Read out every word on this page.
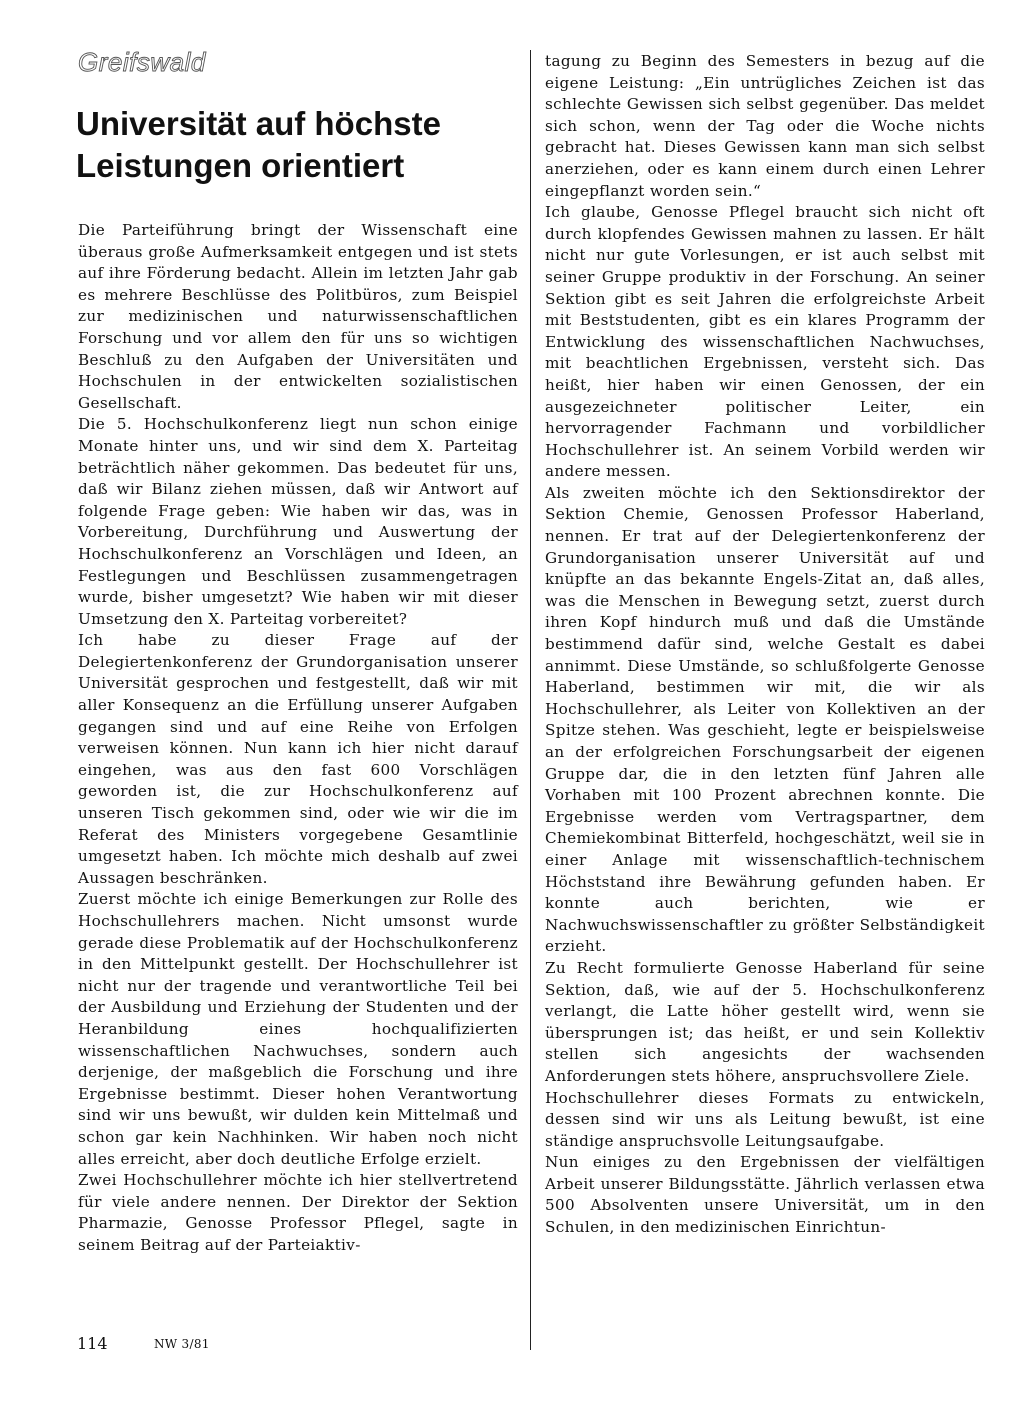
Greifswald
Universität auf höchste
Leistungen orientiert

Die Parteiführung bringt der Wissenschaft eine überaus große Aufmerksamkeit entgegen und ist stets auf ihre Förderung bedacht. Allein im letzten Jahr gab es mehrere Beschlüsse des Politbüros, zum Beispiel zur medizinischen und naturwissenschaftlichen Forschung und vor allem den für uns so wichtigen Beschluß zu den Aufgaben der Universitäten und Hochschulen in der entwickelten sozialistischen Gesellschaft.

Die 5. Hochschulkonferenz liegt nun schon einige Monate hinter uns, und wir sind dem X. Parteitag beträchtlich näher gekommen. Das bedeutet für uns, daß wir Bilanz ziehen müssen, daß wir Antwort auf folgende Frage geben: Wie haben wir das, was in Vorbereitung, Durchführung und Auswertung der Hochschulkonferenz an Vorschlägen und Ideen, an Festlegungen und Beschlüssen zusammengetragen wurde, bisher umgesetzt? Wie haben wir mit dieser Umsetzung den X. Parteitag vorbereitet?

Ich habe zu dieser Frage auf der Delegiertenkonferenz der Grundorganisation unserer Universität gesprochen und festgestellt, daß wir mit aller Konsequenz an die Erfüllung unserer Aufgaben gegangen sind und auf eine Reihe von Erfolgen verweisen können. Nun kann ich hier nicht darauf eingehen, was aus den fast 600 Vorschlägen geworden ist, die zur Hochschulkonferenz auf unseren Tisch gekommen sind, oder wie wir die im Referat des Ministers vorgegebene Gesamtlinie umgesetzt haben. Ich möchte mich deshalb auf zwei Aussagen beschränken.

Zuerst möchte ich einige Bemerkungen zur Rolle des Hochschullehrers machen. Nicht umsonst wurde gerade diese Problematik auf der Hochschulkonferenz in den Mittelpunkt gestellt. Der Hochschullehrer ist nicht nur der tragende und verantwortliche Teil bei der Ausbildung und Erziehung der Studenten und der Heranbildung eines hochqualifizierten wissenschaftlichen Nachwuchses, sondern auch derjenige, der maßgeblich die Forschung und ihre Ergebnisse bestimmt. Dieser hohen Verantwortung sind wir uns bewußt, wir dulden kein Mittelmaß und schon gar kein Nachhinken. Wir haben noch nicht alles erreicht, aber doch deutliche Erfolge erzielt.

Zwei Hochschullehrer möchte ich hier stellvertretend für viele andere nennen. Der Direktor der Sektion Pharmazie, Genosse Professor Pflegel, sagte in seinem Beitrag auf der Parteiaktiv-

tagung zu Beginn des Semesters in bezug auf die eigene Leistung: „Ein untrügliches Zeichen ist das schlechte Gewissen sich selbst gegenüber. Das meldet sich schon, wenn der Tag oder die Woche nichts gebracht hat. Dieses Gewissen kann man sich selbst anerziehen, oder es kann einem durch einen Lehrer eingepflanzt worden sein.“

Ich glaube, Genosse Pflegel braucht sich nicht oft durch klopfendes Gewissen mahnen zu lassen. Er hält nicht nur gute Vorlesungen, er ist auch selbst mit seiner Gruppe produktiv in der Forschung. An seiner Sektion gibt es seit Jahren die erfolgreichste Arbeit mit Beststudenten, gibt es ein klares Programm der Entwicklung des wissenschaftlichen Nachwuchses, mit beachtlichen Ergebnissen, versteht sich. Das heißt, hier haben wir einen Genossen, der ein ausgezeichneter politischer Leiter, ein hervorragender Fachmann und vorbildlicher Hochschullehrer ist. An seinem Vorbild werden wir andere messen.

Als zweiten möchte ich den Sektionsdirektor der Sektion Chemie, Genossen Professor Haberland, nennen. Er trat auf der Delegiertenkonferenz der Grundorganisation unserer Universität auf und knüpfte an das bekannte Engels-Zitat an, daß alles, was die Menschen in Bewegung setzt, zuerst durch ihren Kopf hindurch muß und daß die Umstände bestimmend dafür sind, welche Gestalt es dabei annimmt. Diese Umstände, so schlußfolgerte Genosse Haberland, bestimmen wir mit, die wir als Hochschullehrer, als Leiter von Kollektiven an der Spitze stehen. Was geschieht, legte er beispielsweise an der erfolgreichen Forschungsarbeit der eigenen Gruppe dar, die in den letzten fünf Jahren alle Vorhaben mit 100 Prozent abrechnen konnte. Die Ergebnisse werden vom Vertragspartner, dem Chemiekombinat Bitterfeld, hochgeschätzt, weil sie in einer Anlage mit wissenschaftlich-technischem Höchststand ihre Bewährung gefunden haben. Er konnte auch berichten, wie er Nachwuchswissenschaftler zu größter Selbständigkeit erzieht.

Zu Recht formulierte Genosse Haberland für seine Sektion, daß, wie auf der 5. Hochschulkonferenz verlangt, die Latte höher gestellt wird, wenn sie übersprungen ist; das heißt, er und sein Kollektiv stellen sich angesichts der wachsenden Anforderungen stets höhere, anspruchsvollere Ziele.

Hochschullehrer dieses Formats zu entwickeln, dessen sind wir uns als Leitung bewußt, ist eine ständige anspruchsvolle Leitungsaufgabe.

Nun einiges zu den Ergebnissen der vielfältigen Arbeit unserer Bildungsstätte. Jährlich verlassen etwa 500 Absolventen unsere Universität, um in den Schulen, in den medizinischen Einrichtun-

114	NW 3/81
